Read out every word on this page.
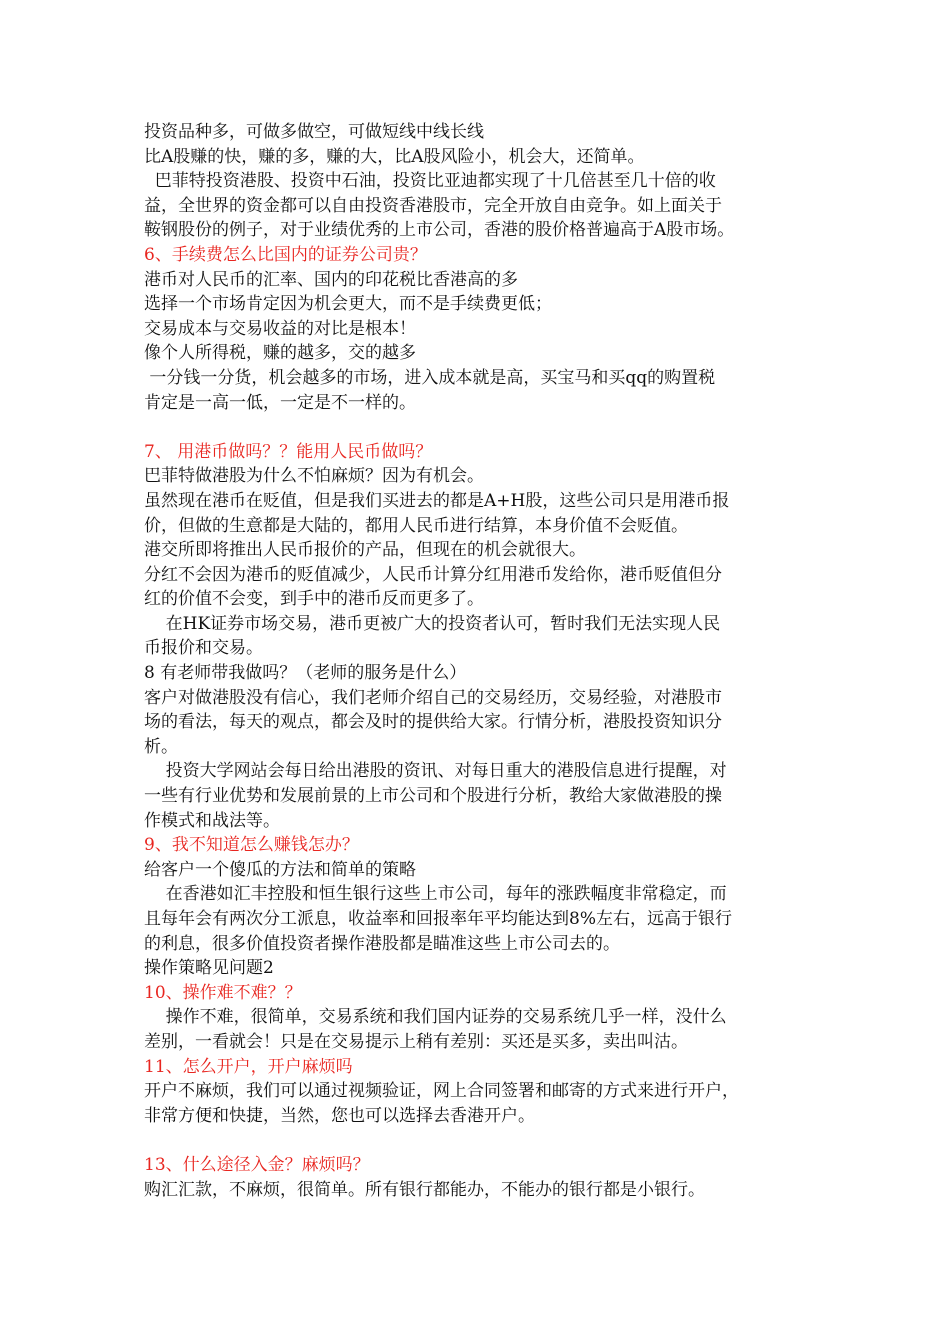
投资品种多，可做多做空，可做短线中线长线
比A股赚的快，赚的多，赚的大，比A股风险小，机会大，还简单。
巴菲特投资港股、投资中石油，投资比亚迪都实现了十几倍甚至几十倍的收
益，全世界的资金都可以自由投资香港股市，完全开放自由竞争。如上面关于
鞍钢股份的例子，对于业绩优秀的上市公司，香港的股价格普遍高于A股市场。
6、手续费怎么比国内的证券公司贵？
港币对人民币的汇率、国内的印花税比香港高的多
选择一个市场肯定因为机会更大，而不是手续费更低；
交易成本与交易收益的对比是根本！
像个人所得税，赚的越多，交的越多
一分钱一分货，机会越多的市场，进入成本就是高，买宝马和买qq的购置税
肯定是一高一低，一定是不一样的。
7、 用港币做吗？？能用人民币做吗？
巴菲特做港股为什么不怕麻烦？因为有机会。
虽然现在港币在贬值，但是我们买进去的都是A+H股，这些公司只是用港币报
价，但做的生意都是大陆的，都用人民币进行结算，本身价值不会贬值。
港交所即将推出人民币报价的产品，但现在的机会就很大。
分红不会因为港币的贬值减少，人民币计算分红用港币发给你，港币贬值但分
红的价值不会变，到手中的港币反而更多了。
在HK证券市场交易，港币更被广大的投资者认可，暂时我们无法实现人民
币报价和交易。
8 有老师带我做吗？（老师的服务是什么）
客户对做港股没有信心，我们老师介绍自己的交易经历，交易经验，对港股市
场的看法，每天的观点，都会及时的提供给大家。行情分析，港股投资知识分
析。
投资大学网站会每日给出港股的资讯、对每日重大的港股信息进行提醒，对
一些有行业优势和发展前景的上市公司和个股进行分析，教给大家做港股的操
作模式和战法等。
9、我不知道怎么赚钱怎办？
给客户一个傻瓜的方法和简单的策略
在香港如汇丰控股和恒生银行这些上市公司，每年的涨跌幅度非常稳定，而
且每年会有两次分工派息，收益率和回报率年平均能达到8%左右，远高于银行
的利息，很多价值投资者操作港股都是瞄准这些上市公司去的。
操作策略见问题2
10、操作难不难？？
操作不难，很简单，交易系统和我们国内证券的交易系统几乎一样，没什么
差别，一看就会！只是在交易提示上稍有差别：买还是买多，卖出叫沽。
11、怎么开户，开户麻烦吗
开户不麻烦，我们可以通过视频验证，网上合同签署和邮寄的方式来进行开户，
非常方便和快捷，当然，您也可以选择去香港开户。
13、什么途径入金？麻烦吗？
购汇汇款，不麻烦，很简单。所有银行都能办，不能办的银行都是小银行。
